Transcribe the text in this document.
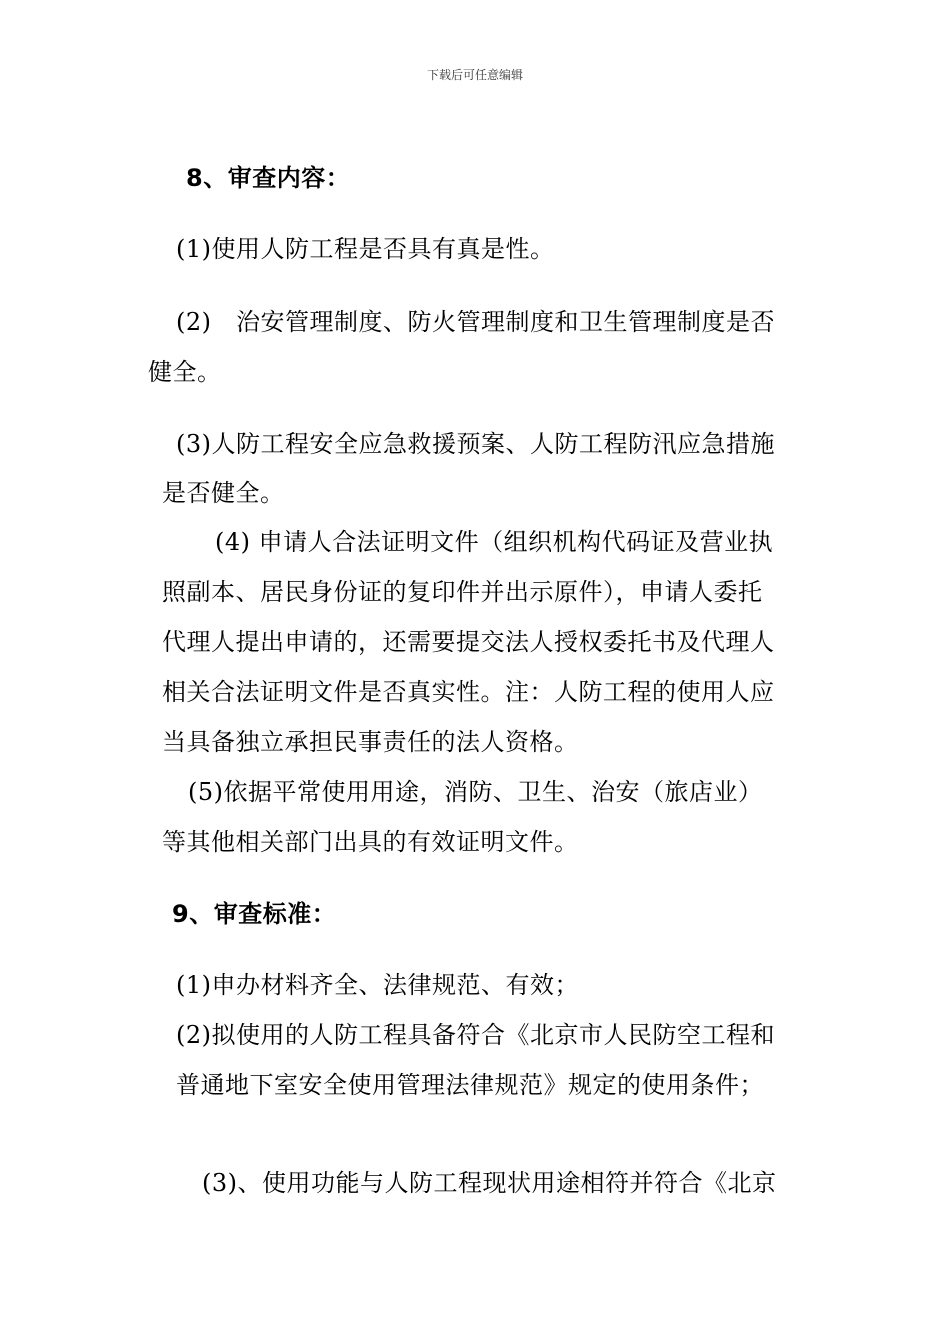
下载后可任意编辑
8、审查内容：
(1)使用人防工程是否具有真是性。
(2)　治安管理制度、防火管理制度和卫生管理制度是否
健全。
(3)人防工程安全应急救援预案、人防工程防汛应急措施
是否健全。
(4) 申请人合法证明文件（组织机构代码证及营业执
照副本、居民身份证的复印件并出示原件），申请人委托
代理人提出申请的，还需要提交法人授权委托书及代理人
相关合法证明文件是否真实性。注：人防工程的使用人应
当具备独立承担民事责任的法人资格。
(5)依据平常使用用途，消防、卫生、治安（旅店业）
等其他相关部门出具的有效证明文件。
9、审查标准：
(1)申办材料齐全、法律规范、有效；
(2)拟使用的人防工程具备符合《北京市人民防空工程和
普通地下室安全使用管理法律规范》规定的使用条件；
(3)、使用功能与人防工程现状用途相符并符合《北京
